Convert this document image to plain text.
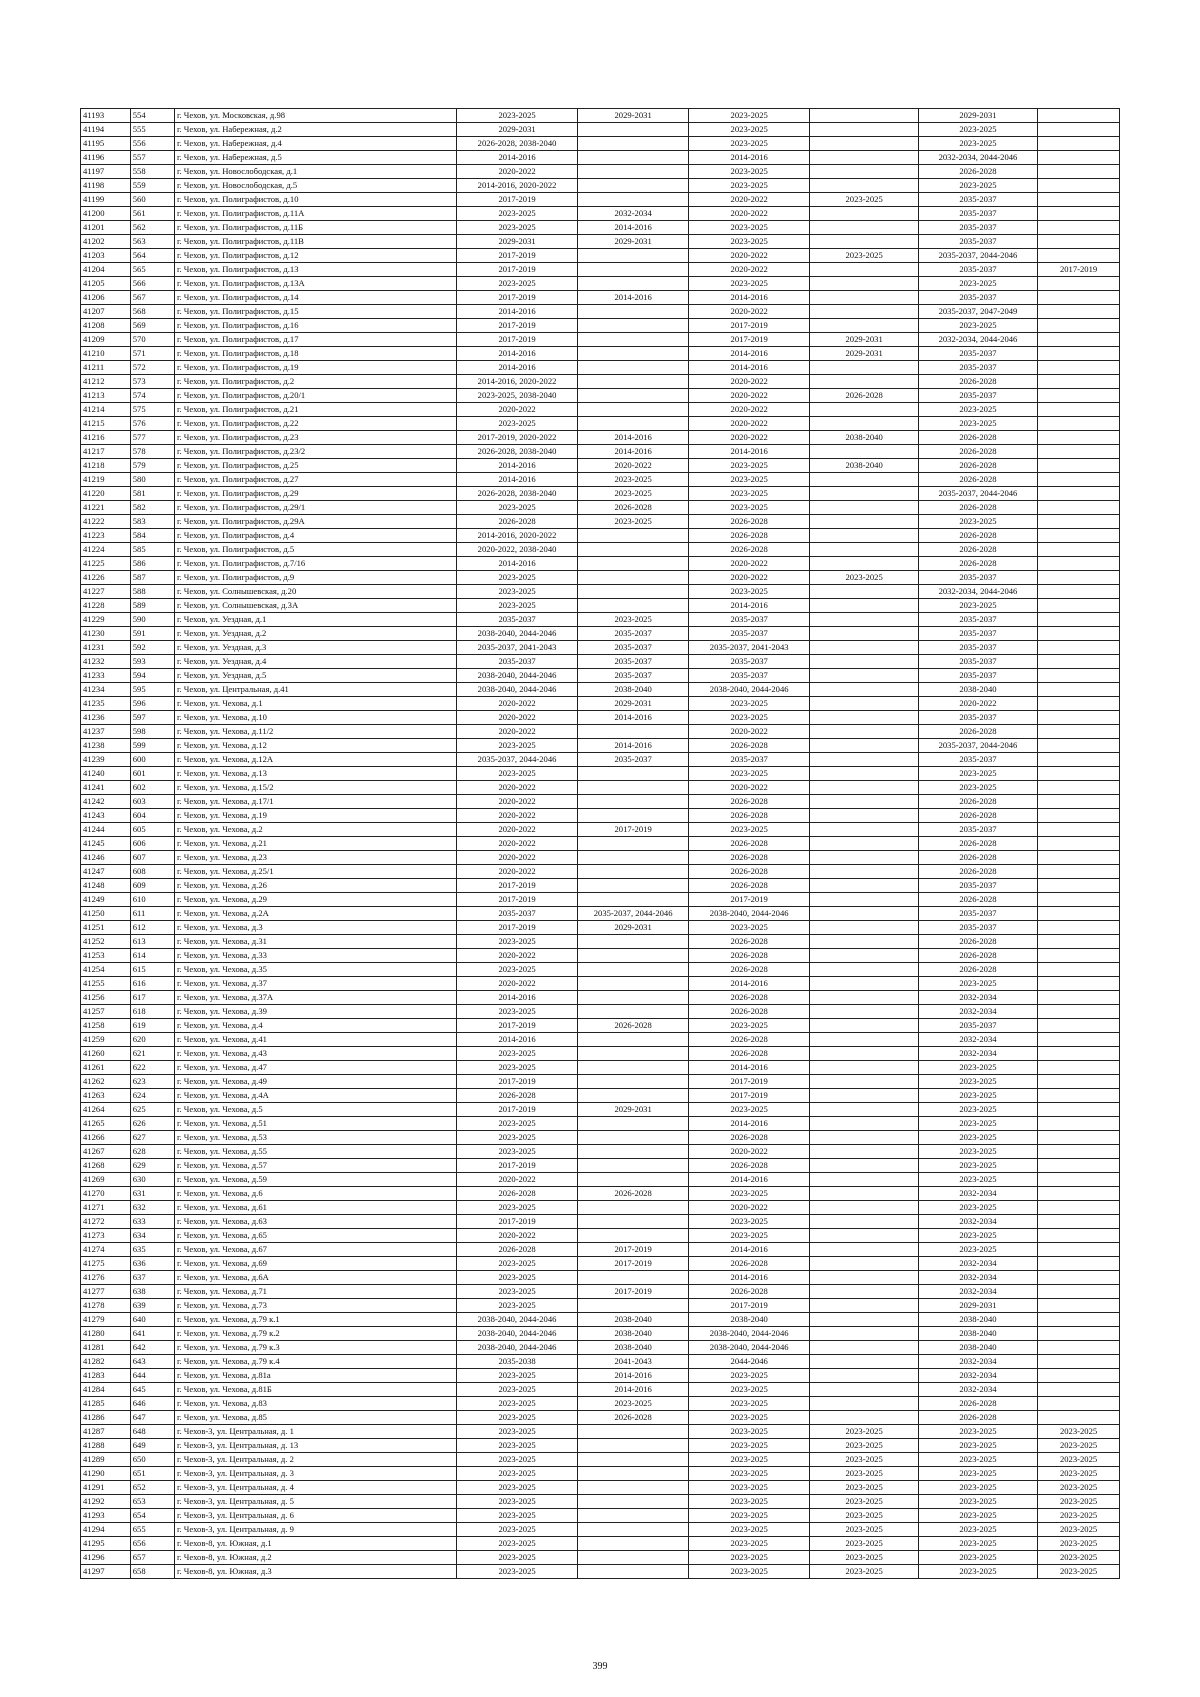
41193	554	г. Чехов, ул. Московская, д.98	2023-2025	2029-2031	2023-2025		2029-2031	
41194	555	г. Чехов, ул. Набережная, д.2	2029-2031		2023-2025		2023-2025	
41195	556	г. Чехов, ул. Набережная, д.4	2026-2028, 2038-2040		2023-2025		2023-2025	
41196	557	г. Чехов, ул. Набережная, д.5	2014-2016		2014-2016		2032-2034, 2044-2046	
41197	558	г. Чехов, ул. Новослободская, д.1	2020-2022		2023-2025		2026-2028	
41198	559	г. Чехов, ул. Новослободская, д.5	2014-2016, 2020-2022		2023-2025		2023-2025	
41199	560	г. Чехов, ул. Полиграфистов, д.10	2017-2019		2020-2022	2023-2025	2035-2037	
41200	561	г. Чехов, ул. Полиграфистов, д.11А	2023-2025	2032-2034	2020-2022		2035-2037	
41201	562	г. Чехов, ул. Полиграфистов, д.11Б	2023-2025	2014-2016	2023-2025		2035-2037	
41202	563	г. Чехов, ул. Полиграфистов, д.11В	2029-2031	2029-2031	2023-2025		2035-2037	
41203	564	г. Чехов, ул. Полиграфистов, д.12	2017-2019		2020-2022	2023-2025	2035-2037, 2044-2046	
41204	565	г. Чехов, ул. Полиграфистов, д.13	2017-2019		2020-2022		2035-2037	2017-2019
41205	566	г. Чехов, ул. Полиграфистов, д.13А	2023-2025		2023-2025		2023-2025	
41206	567	г. Чехов, ул. Полиграфистов, д.14	2017-2019	2014-2016	2014-2016		2035-2037	
41207	568	г. Чехов, ул. Полиграфистов, д.15	2014-2016		2020-2022		2035-2037, 2047-2049	
41208	569	г. Чехов, ул. Полиграфистов, д.16	2017-2019		2017-2019		2023-2025	
41209	570	г. Чехов, ул. Полиграфистов, д.17	2017-2019		2017-2019	2029-2031	2032-2034, 2044-2046	
41210	571	г. Чехов, ул. Полиграфистов, д.18	2014-2016		2014-2016	2029-2031	2035-2037	
41211	572	г. Чехов, ул. Полиграфистов, д.19	2014-2016		2014-2016		2035-2037	
41212	573	г. Чехов, ул. Полиграфистов, д.2	2014-2016, 2020-2022		2020-2022		2026-2028	
41213	574	г. Чехов, ул. Полиграфистов, д.20/1	2023-2025, 2038-2040		2020-2022	2026-2028	2035-2037	
41214	575	г. Чехов, ул. Полиграфистов, д.21	2020-2022		2020-2022		2023-2025	
41215	576	г. Чехов, ул. Полиграфистов, д.22	2023-2025		2020-2022		2023-2025	
41216	577	г. Чехов, ул. Полиграфистов, д.23	2017-2019, 2020-2022	2014-2016	2020-2022	2038-2040	2026-2028	
41217	578	г. Чехов, ул. Полиграфистов, д.23/2	2026-2028, 2038-2040	2014-2016	2014-2016		2026-2028	
41218	579	г. Чехов, ул. Полиграфистов, д.25	2014-2016	2020-2022	2023-2025	2038-2040	2026-2028	
41219	580	г. Чехов, ул. Полиграфистов, д.27	2014-2016	2023-2025	2023-2025		2026-2028	
41220	581	г. Чехов, ул. Полиграфистов, д.29	2026-2028, 2038-2040	2023-2025	2023-2025		2035-2037, 2044-2046	
41221	582	г. Чехов, ул. Полиграфистов, д.29/1	2023-2025	2026-2028	2023-2025		2026-2028	
41222	583	г. Чехов, ул. Полиграфистов, д.29А	2026-2028	2023-2025	2026-2028		2023-2025	
41223	584	г. Чехов, ул. Полиграфистов, д.4	2014-2016, 2020-2022		2026-2028		2026-2028	
41224	585	г. Чехов, ул. Полиграфистов, д.5	2020-2022, 2038-2040		2026-2028		2026-2028	
41225	586	г. Чехов, ул. Полиграфистов, д.7/16	2014-2016		2020-2022		2026-2028	
41226	587	г. Чехов, ул. Полиграфистов, д.9	2023-2025		2020-2022	2023-2025	2035-2037	
41227	588	г. Чехов, ул. Солнышевская, д.20	2023-2025		2023-2025		2032-2034, 2044-2046	
41228	589	г. Чехов, ул. Солнышевская, д.3А	2023-2025		2014-2016		2023-2025	
41229	590	г. Чехов, ул. Уездная, д.1	2035-2037	2023-2025	2035-2037		2035-2037	
41230	591	г. Чехов, ул. Уездная, д.2	2038-2040, 2044-2046	2035-2037	2035-2037		2035-2037	
41231	592	г. Чехов, ул. Уездная, д.3	2035-2037, 2041-2043	2035-2037	2035-2037, 2041-2043		2035-2037	
41232	593	г. Чехов, ул. Уездная, д.4	2035-2037	2035-2037	2035-2037		2035-2037	
41233	594	г. Чехов, ул. Уездная, д.5	2038-2040, 2044-2046	2035-2037	2035-2037		2035-2037	
41234	595	г. Чехов, ул. Центральная, д.41	2038-2040, 2044-2046	2038-2040	2038-2040, 2044-2046		2038-2040	
41235	596	г. Чехов, ул. Чехова, д.1	2020-2022	2029-2031	2023-2025		2020-2022	
41236	597	г. Чехов, ул. Чехова, д.10	2020-2022	2014-2016	2023-2025		2035-2037	
41237	598	г. Чехов, ул. Чехова, д.11/2	2020-2022		2020-2022		2026-2028	
41238	599	г. Чехов, ул. Чехова, д.12	2023-2025	2014-2016	2026-2028		2035-2037, 2044-2046	
41239	600	г. Чехов, ул. Чехова, д.12А	2035-2037, 2044-2046	2035-2037	2035-2037		2035-2037	
41240	601	г. Чехов, ул. Чехова, д.13	2023-2025		2023-2025		2023-2025	
41241	602	г. Чехов, ул. Чехова, д.15/2	2020-2022		2020-2022		2023-2025	
41242	603	г. Чехов, ул. Чехова, д.17/1	2020-2022		2026-2028		2026-2028	
41243	604	г. Чехов, ул. Чехова, д.19	2020-2022		2026-2028		2026-2028	
41244	605	г. Чехов, ул. Чехова, д.2	2020-2022	2017-2019	2023-2025		2035-2037	
41245	606	г. Чехов, ул. Чехова, д.21	2020-2022		2026-2028		2026-2028	
41246	607	г. Чехов, ул. Чехова, д.23	2020-2022		2026-2028		2026-2028	
41247	608	г. Чехов, ул. Чехова, д.25/1	2020-2022		2026-2028		2026-2028	
41248	609	г. Чехов, ул. Чехова, д.26	2017-2019		2026-2028		2035-2037	
41249	610	г. Чехов, ул. Чехова, д.29	2017-2019		2017-2019		2026-2028	
41250	611	г. Чехов, ул. Чехова, д.2А	2035-2037	2035-2037, 2044-2046	2038-2040, 2044-2046		2035-2037	
41251	612	г. Чехов, ул. Чехова, д.3	2017-2019	2029-2031	2023-2025		2035-2037	
41252	613	г. Чехов, ул. Чехова, д.31	2023-2025		2026-2028		2026-2028	
41253	614	г. Чехов, ул. Чехова, д.33	2020-2022		2026-2028		2026-2028	
41254	615	г. Чехов, ул. Чехова, д.35	2023-2025		2026-2028		2026-2028	
41255	616	г. Чехов, ул. Чехова, д.37	2020-2022		2014-2016		2023-2025	
41256	617	г. Чехов, ул. Чехова, д.37А	2014-2016		2026-2028		2032-2034	
41257	618	г. Чехов, ул. Чехова, д.39	2023-2025		2026-2028		2032-2034	
41258	619	г. Чехов, ул. Чехова, д.4	2017-2019	2026-2028	2023-2025		2035-2037	
41259	620	г. Чехов, ул. Чехова, д.41	2014-2016		2026-2028		2032-2034	
41260	621	г. Чехов, ул. Чехова, д.43	2023-2025		2026-2028		2032-2034	
41261	622	г. Чехов, ул. Чехова, д.47	2023-2025		2014-2016		2023-2025	
41262	623	г. Чехов, ул. Чехова, д.49	2017-2019		2017-2019		2023-2025	
41263	624	г. Чехов, ул. Чехова, д.4А	2026-2028		2017-2019		2023-2025	
41264	625	г. Чехов, ул. Чехова, д.5	2017-2019	2029-2031	2023-2025		2023-2025	
41265	626	г. Чехов, ул. Чехова, д.51	2023-2025		2014-2016		2023-2025	
41266	627	г. Чехов, ул. Чехова, д.53	2023-2025		2026-2028		2023-2025	
41267	628	г. Чехов, ул. Чехова, д.55	2023-2025		2020-2022		2023-2025	
41268	629	г. Чехов, ул. Чехова, д.57	2017-2019		2026-2028		2023-2025	
41269	630	г. Чехов, ул. Чехова, д.59	2020-2022		2014-2016		2023-2025	
41270	631	г. Чехов, ул. Чехова, д.6	2026-2028	2026-2028	2023-2025		2032-2034	
41271	632	г. Чехов, ул. Чехова, д.61	2023-2025		2020-2022		2023-2025	
41272	633	г. Чехов, ул. Чехова, д.63	2017-2019		2023-2025		2032-2034	
41273	634	г. Чехов, ул. Чехова, д.65	2020-2022		2023-2025		2023-2025	
41274	635	г. Чехов, ул. Чехова, д.67	2026-2028	2017-2019	2014-2016		2023-2025	
41275	636	г. Чехов, ул. Чехова, д.69	2023-2025	2017-2019	2026-2028		2032-2034	
41276	637	г. Чехов, ул. Чехова, д.6А	2023-2025		2014-2016		2032-2034	
41277	638	г. Чехов, ул. Чехова, д.71	2023-2025	2017-2019	2026-2028		2032-2034	
41278	639	г. Чехов, ул. Чехова, д.73	2023-2025		2017-2019		2029-2031	
41279	640	г. Чехов, ул. Чехова, д.79 к.1	2038-2040, 2044-2046	2038-2040	2038-2040		2038-2040	
41280	641	г. Чехов, ул. Чехова, д.79 к.2	2038-2040, 2044-2046	2038-2040	2038-2040, 2044-2046		2038-2040	
41281	642	г. Чехов, ул. Чехова, д.79 к.3	2038-2040, 2044-2046	2038-2040	2038-2040, 2044-2046		2038-2040	
41282	643	г. Чехов, ул. Чехова, д.79 к.4	2035-2038	2041-2043	2044-2046		2032-2034	
41283	644	г. Чехов, ул. Чехова, д.81а	2023-2025	2014-2016	2023-2025		2032-2034	
41284	645	г. Чехов, ул. Чехова, д.81Б	2023-2025	2014-2016	2023-2025		2032-2034	
41285	646	г. Чехов, ул. Чехова, д.83	2023-2025	2023-2025	2023-2025		2026-2028	
41286	647	г. Чехов, ул. Чехова, д.85	2023-2025	2026-2028	2023-2025		2026-2028	
41287	648	г. Чехов-3, ул. Центральная, д. 1	2023-2025		2023-2025	2023-2025	2023-2025	2023-2025
41288	649	г. Чехов-3, ул. Центральная, д. 13	2023-2025		2023-2025	2023-2025	2023-2025	2023-2025
41289	650	г. Чехов-3, ул. Центральная, д. 2	2023-2025		2023-2025	2023-2025	2023-2025	2023-2025
41290	651	г. Чехов-3, ул. Центральная, д. 3	2023-2025		2023-2025	2023-2025	2023-2025	2023-2025
41291	652	г. Чехов-3, ул. Центральная, д. 4	2023-2025		2023-2025	2023-2025	2023-2025	2023-2025
41292	653	г. Чехов-3, ул. Центральная, д. 5	2023-2025		2023-2025	2023-2025	2023-2025	2023-2025
41293	654	г. Чехов-3, ул. Центральная, д. 6	2023-2025		2023-2025	2023-2025	2023-2025	2023-2025
41294	655	г. Чехов-3, ул. Центральная, д. 9	2023-2025		2023-2025	2023-2025	2023-2025	2023-2025
41295	656	г. Чехов-8, ул. Южная, д.1	2023-2025		2023-2025	2023-2025	2023-2025	2023-2025
41296	657	г. Чехов-8, ул. Южная, д.2	2023-2025		2023-2025	2023-2025	2023-2025	2023-2025
41297	658	г. Чехов-8, ул. Южная, д.3	2023-2025		2023-2025	2023-2025	2023-2025	2023-2025
399
